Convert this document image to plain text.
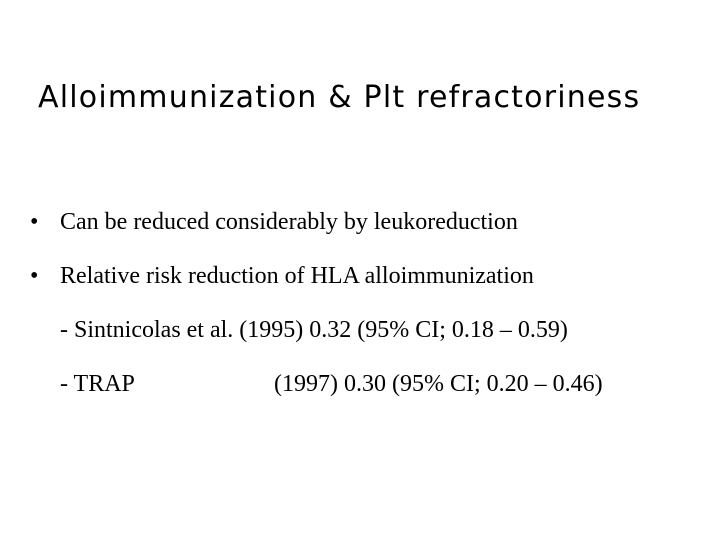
Alloimmunization & Plt refractoriness
• Can be reduced considerably by leukoreduction
• Relative risk reduction of HLA alloimmunization
- Sintnicolas et al. (1995) 0.32 (95% CI; 0.18 – 0.59)
- TRAP	(1997) 0.30 (95% CI; 0.20 – 0.46)
